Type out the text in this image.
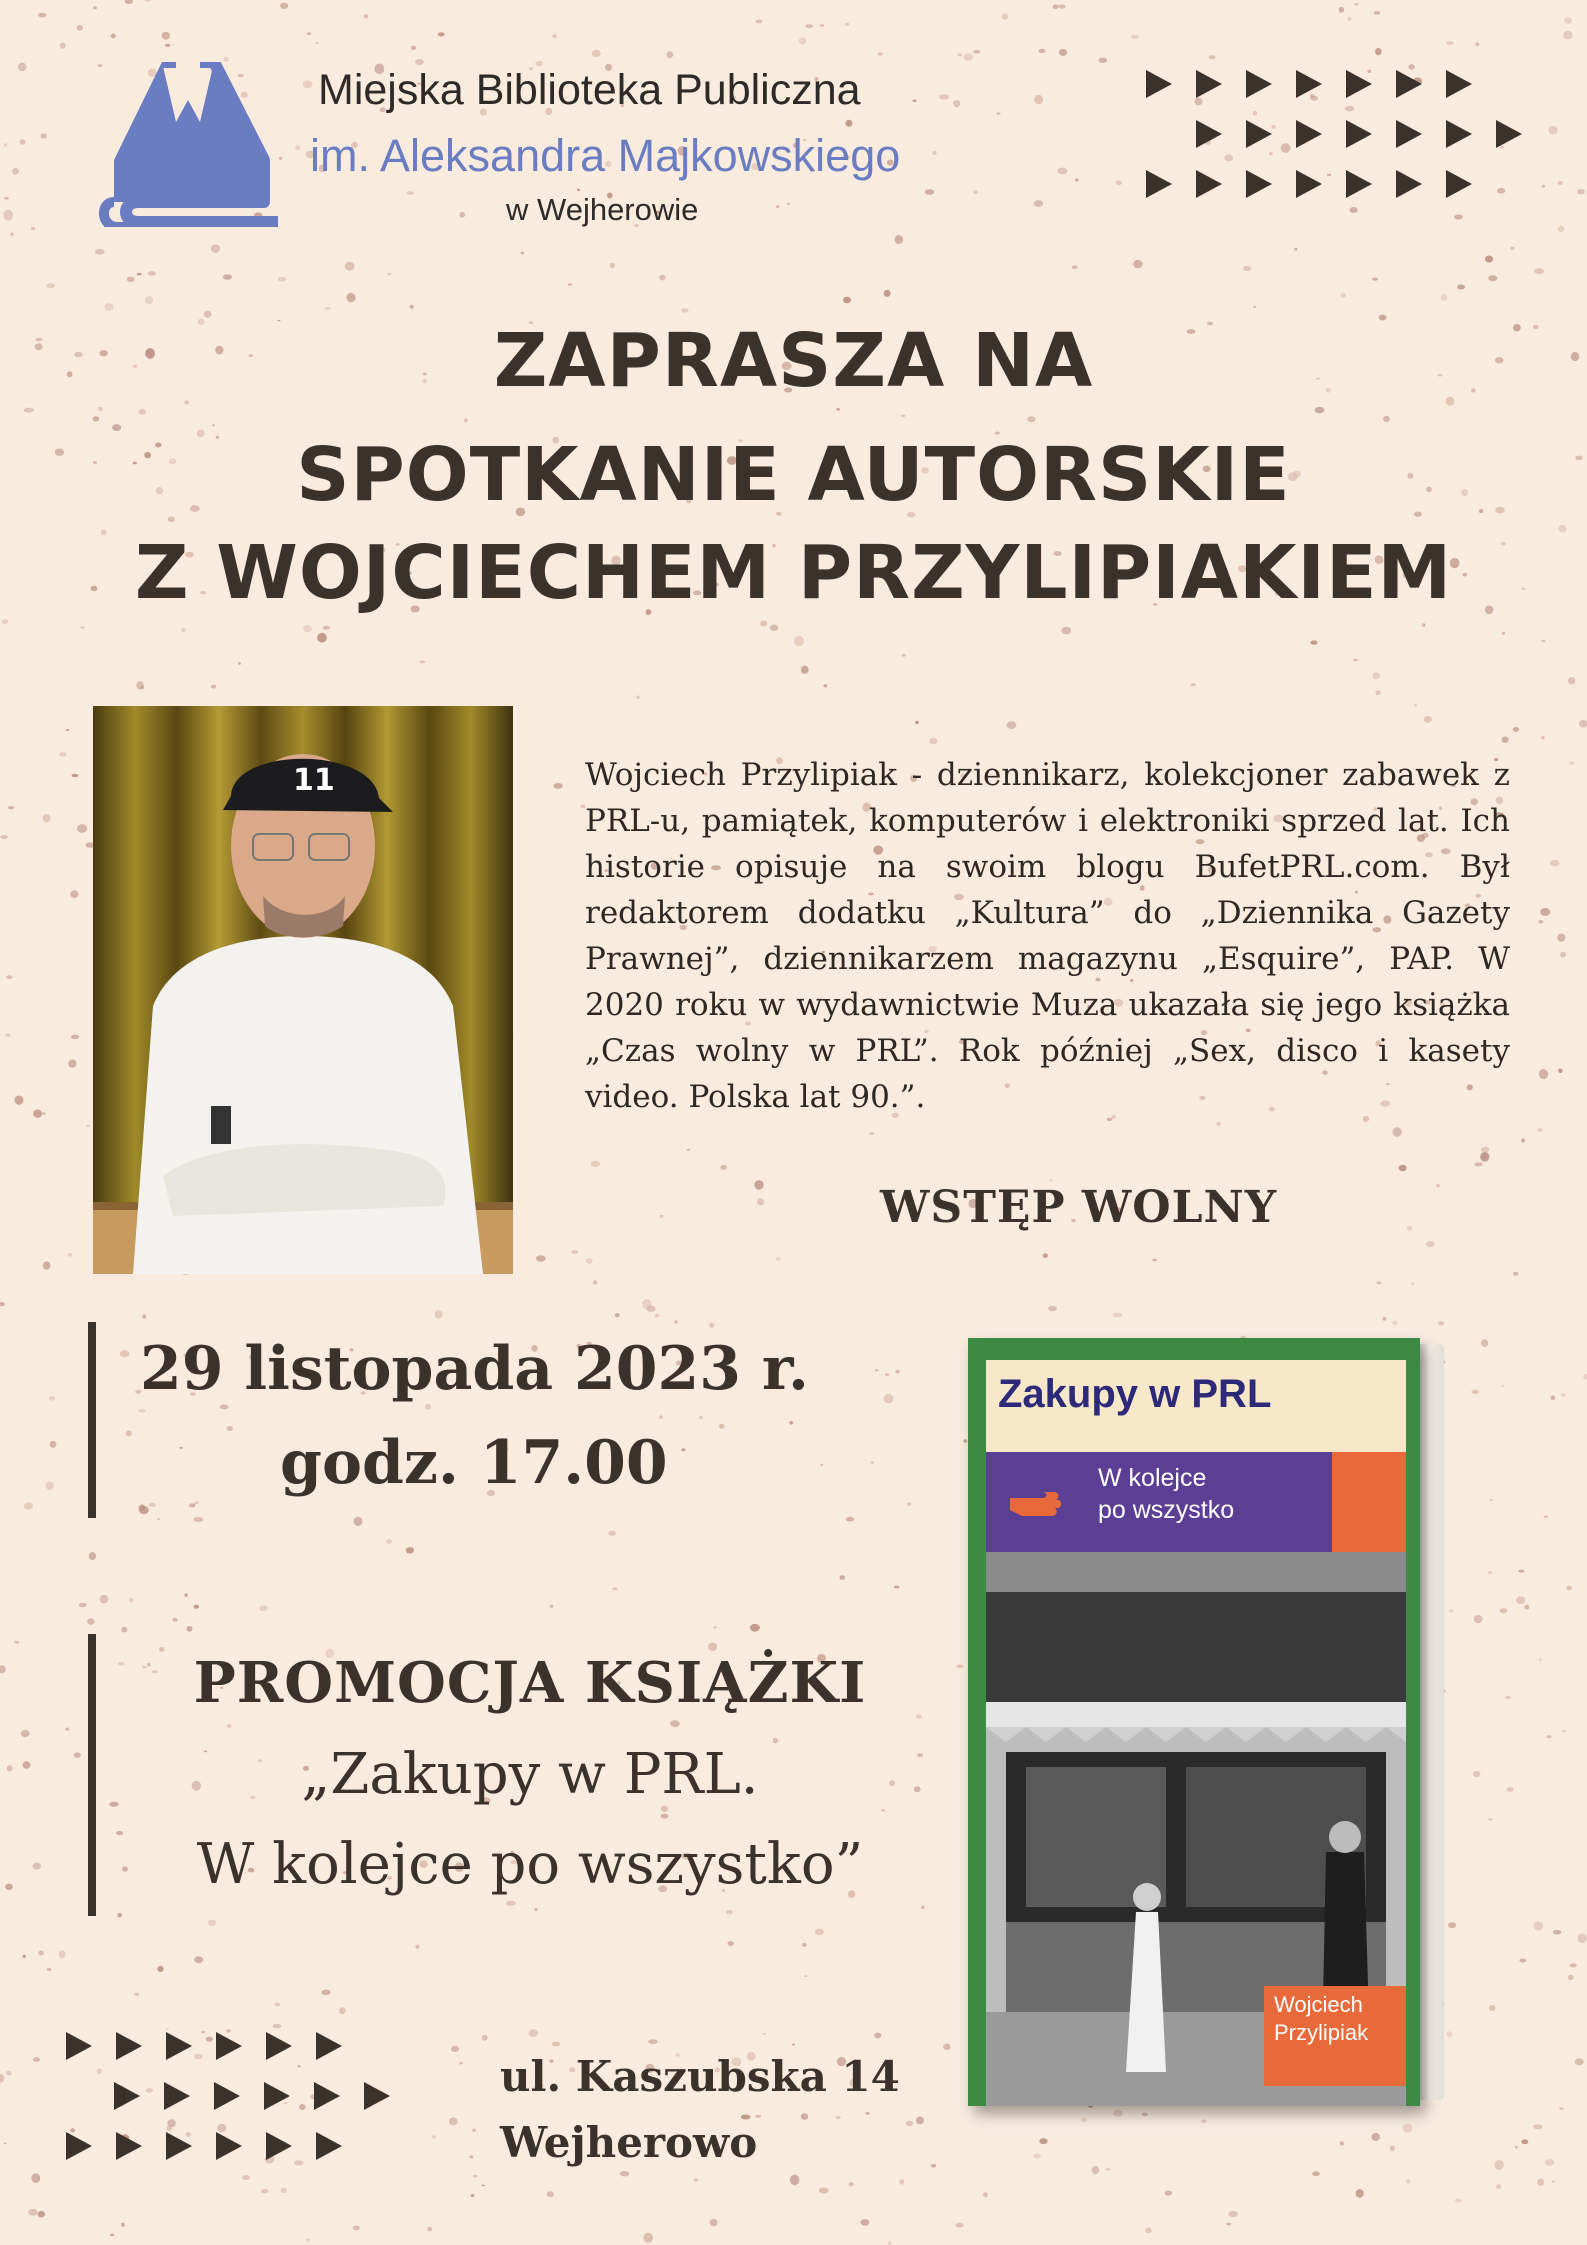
Miejska Biblioteka Publiczna
im. Aleksandra Majkowskiego
w Wejherowie
ZAPRASZA NA
SPOTKANIE AUTORSKIE
Z WOJCIECHEM PRZYLIPIAKIEM
11	Wojciech Przylipiak - dziennikarz, kolekcjoner zabawek z PRL-u, pamiątek, komputerów i elektroniki sprzed lat. Ich historie opisuje na swoim blogu BufetPRL.com. Był redaktorem dodatku „Kultura” do „Dziennika Gazety Prawnej”, dziennikarzem magazynu „Esquire”, PAP. W 2020 roku w wydawnictwie Muza ukazała się jego książka „Czas wolny w PRL”. Rok później „Sex, disco i kasety video. Polska lat 90.”.
WSTĘP WOLNY
29 listopada 2023 r.
godz. 17.00
PROMOCJA KSIĄŻKI
„Zakupy w PRL.
W kolejce po wszystko”
ul. Kaszubska 14
Wejherowo
Zakupy w PRL
W kolejce
po wszystko
Wojciech
Przylipiak
